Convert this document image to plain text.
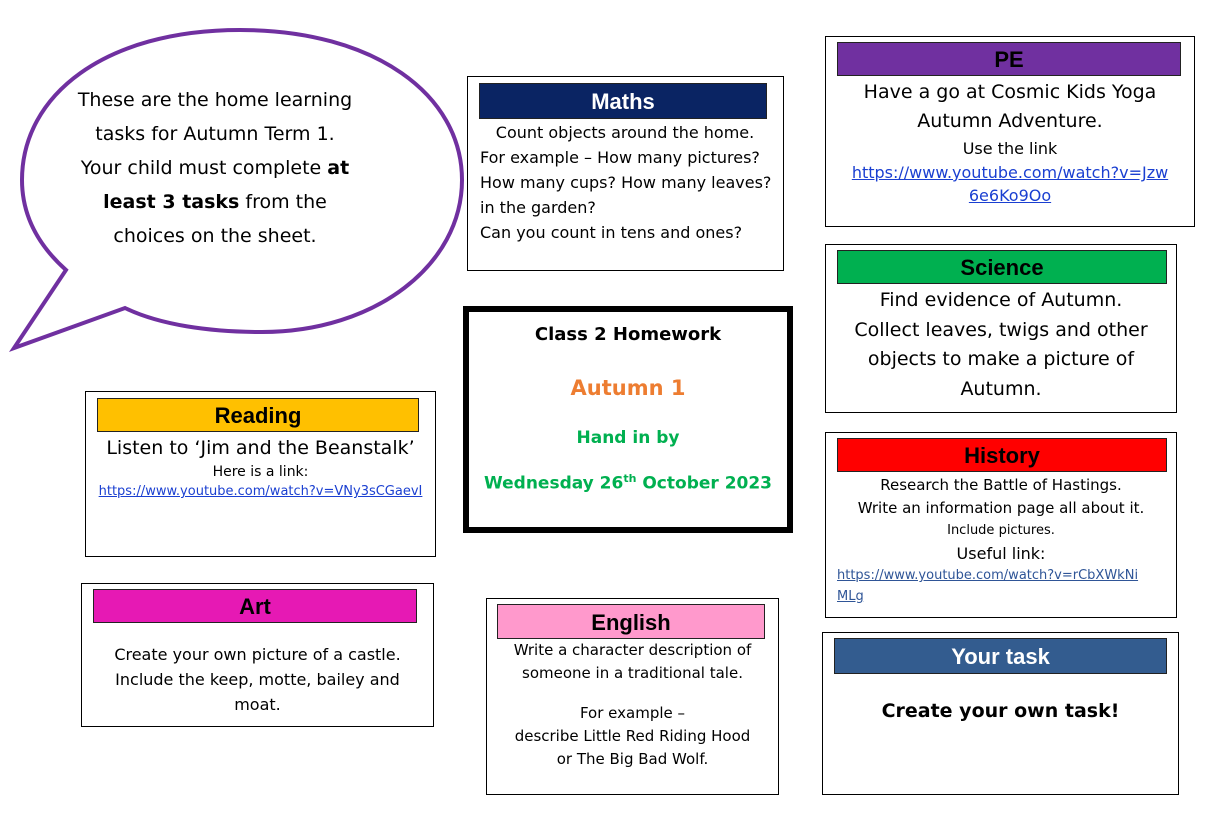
These are the home learning
tasks for Autumn Term 1.
Your child must complete at
least 3 tasks from the
choices on the sheet.
Maths
Count objects around the home.
For example – How many pictures?
How many cups? How many leaves?
in the garden?
Can you count in tens and ones?
PE
Have a go at Cosmic Kids Yoga
Autumn Adventure.
Use the link
https://www.youtube.com/watch?v=Jzw
6e6Ko9Oo
Science
Find evidence of Autumn.
Collect leaves, twigs and other
objects to make a picture of
Autumn.
Class 2 Homework
Autumn 1
Hand in by
Wednesday 26th October 2023
Reading
Listen to ‘Jim and the Beanstalk’
Here is a link:
https://www.youtube.com/watch?v=VNy3sCGaevI
History
Research the Battle of Hastings.
Write an information page all about it.
Include pictures.
Useful link:
https://www.youtube.com/watch?v=rCbXWkNi
MLg
Art
Create your own picture of a castle.
Include the keep, motte, bailey and
moat.
English
Write a character description of
someone in a traditional tale.
For example –
describe Little Red Riding Hood
or The Big Bad Wolf.
Your task
Create your own task!
